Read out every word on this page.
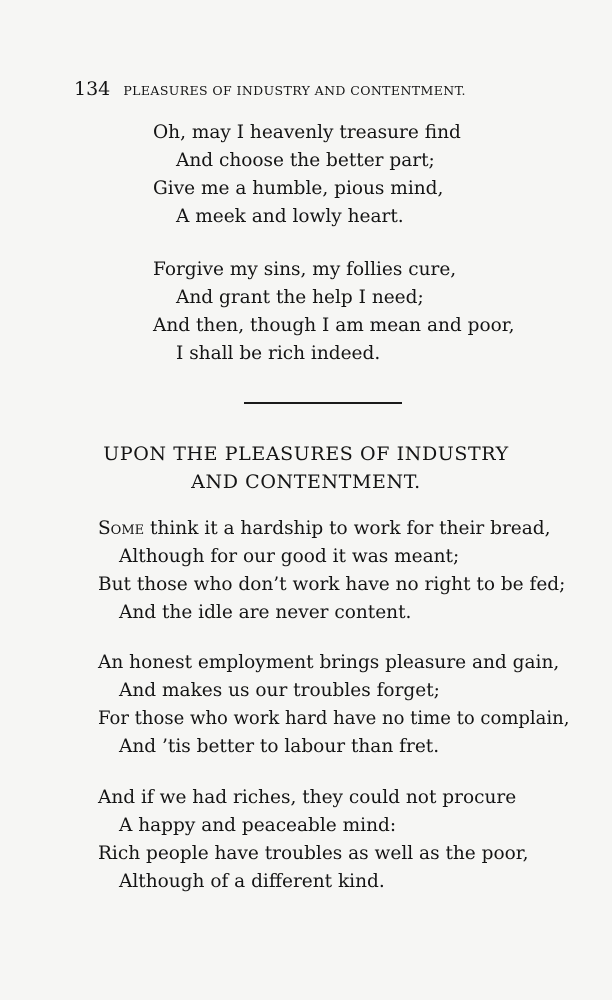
134 PLEASURES OF INDUSTRY AND CONTENTMENT.
Oh, may I heavenly treasure find
And choose the better part;
Give me a humble, pious mind,
A meek and lowly heart.
Forgive my sins, my follies cure,
And grant the help I need;
And then, though I am mean and poor,
I shall be rich indeed.
UPON THE PLEASURES OF INDUSTRY
AND CONTENTMENT.
Some think it a hardship to work for their bread,
Although for our good it was meant;
But those who don’t work have no right to be fed;
And the idle are never content.
An honest employment brings pleasure and gain,
And makes us our troubles forget;
For those who work hard have no time to complain,
And ’tis better to labour than fret.
And if we had riches, they could not procure
A happy and peaceable mind:
Rich people have troubles as well as the poor,
Although of a different kind.
